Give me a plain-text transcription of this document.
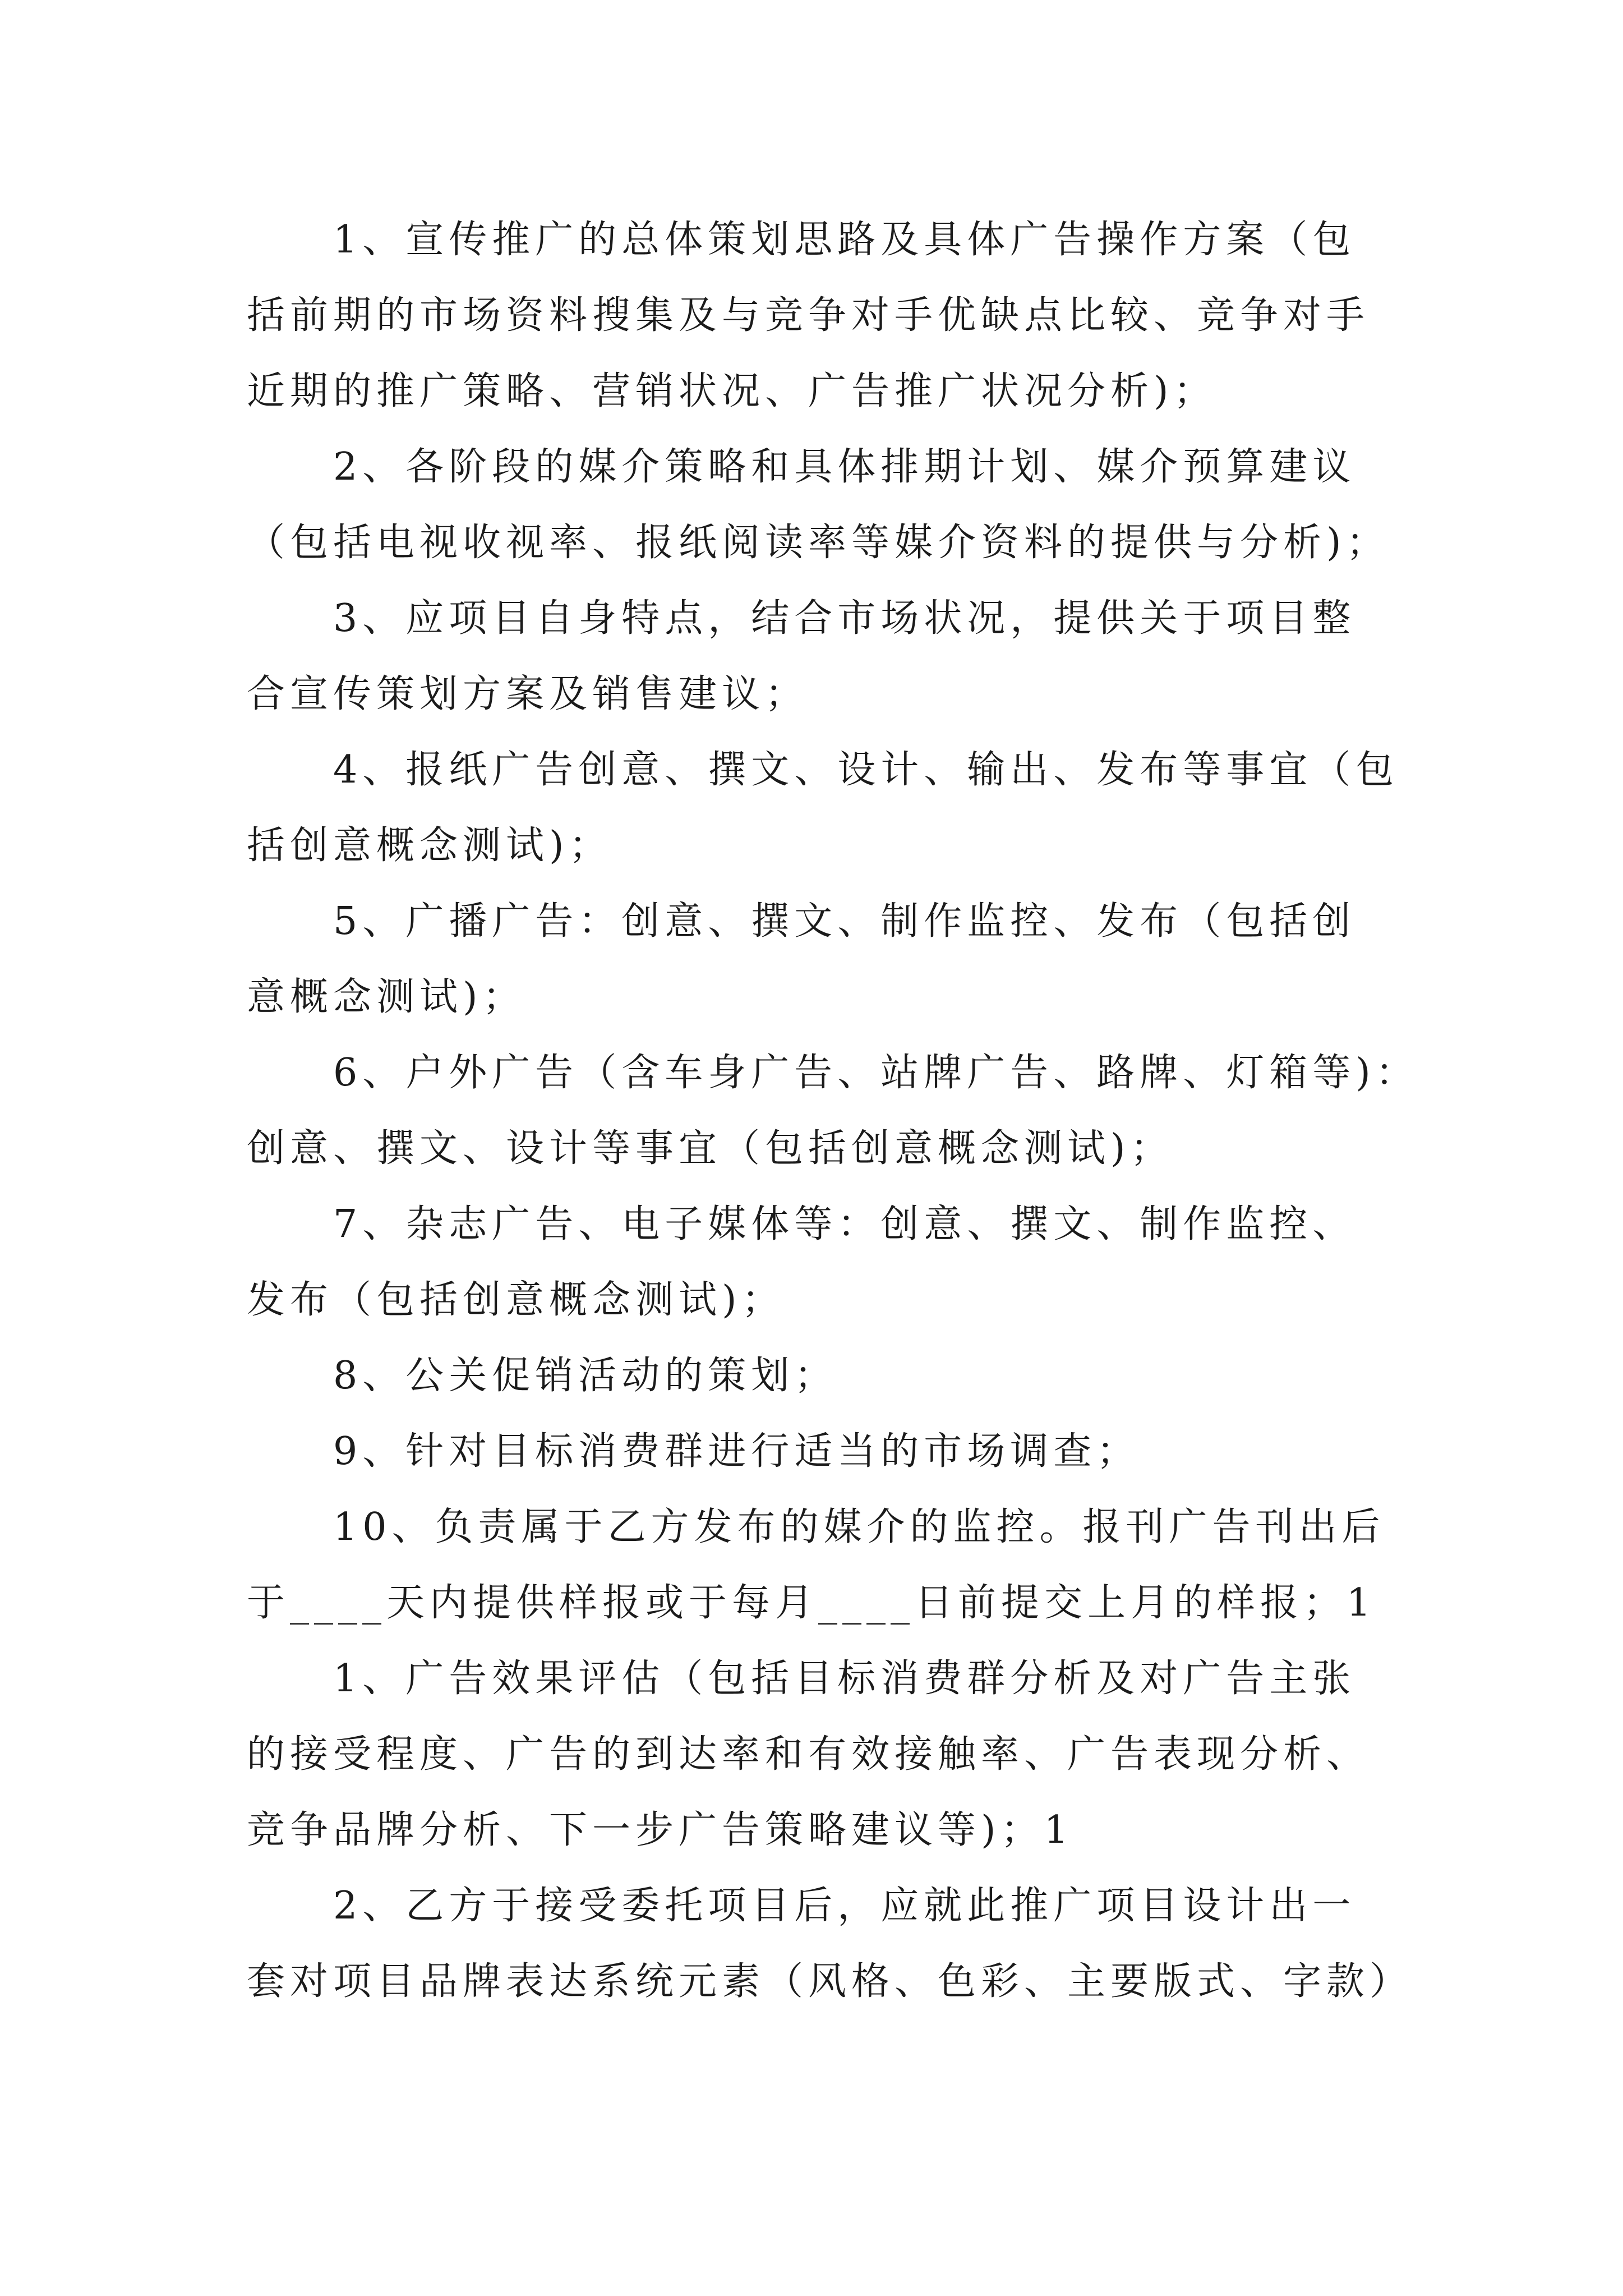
1、宣传推广的总体策划思路及具体广告操作方案（包
括前期的市场资料搜集及与竞争对手优缺点比较、竞争对手
近期的推广策略、营销状况、广告推广状况分析)；
2、各阶段的媒介策略和具体排期计划、媒介预算建议
（包括电视收视率、报纸阅读率等媒介资料的提供与分析)；
3、应项目自身特点，结合市场状况，提供关于项目整
合宣传策划方案及销售建议；
4、报纸广告创意、撰文、设计、输出、发布等事宜（包
括创意概念测试)；
5、广播广告：创意、撰文、制作监控、发布（包括创
意概念测试)；
6、户外广告（含车身广告、站牌广告、路牌、灯箱等)：
创意、撰文、设计等事宜（包括创意概念测试)；
7、杂志广告、电子媒体等：创意、撰文、制作监控、
发布（包括创意概念测试)；
8、公关促销活动的策划；
9、针对目标消费群进行适当的市场调查；
10、负责属于乙方发布的媒介的监控。报刊广告刊出后
于____天内提供样报或于每月____日前提交上月的样报；1
1、广告效果评估（包括目标消费群分析及对广告主张
的接受程度、广告的到达率和有效接触率、广告表现分析、
竞争品牌分析、下一步广告策略建议等)；1
2、乙方于接受委托项目后，应就此推广项目设计出一
套对项目品牌表达系统元素（风格、色彩、主要版式、字款）
